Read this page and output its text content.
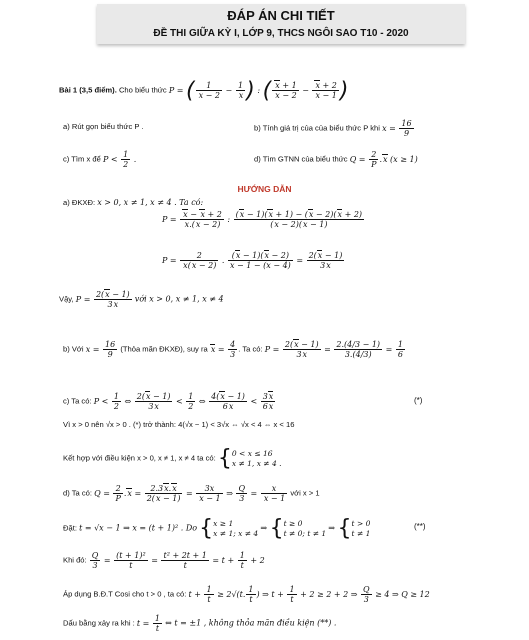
ĐÁP ÁN CHI TIẾT
ĐỀ THI GIỮA KỲ I, LỚP 9, THCS NGÔI SAO T10 - 2020
Bài 1 (3,5 điểm). Cho biểu thức P = ( $\frac{1}{x - 2} - \frac{1}{x}$ ) : ( $\frac{x + 1}{x - 2} - \frac{x + 2}{x - 1}$ )
a) Rút gọn biểu thức P .	b) Tính giá trị của của biểu thức P khi $x = \frac{16}{9}$
c) Tìm x để $P < \frac{1}{2}$ .	d) Tìm GTNN của biểu thức $Q = \frac{2}{P} .x$ (x ≥ 1)
HƯỚNG DẪN
a) ĐKXĐ: x > 0, x ≠ 1, x ≠ 4 . Ta có:
$P = \frac{x - x + 2}{x.(x - 2)}$ : $\frac{(x - 1)(x + 1) - (x - 2)(x + 2)}{(x - 2)(x - 1)}$
$P = \frac{2}{x(x - 2)}$ . $\frac{(x - 1)(x - 2)}{x - 1 - (x - 4)} = \frac{2(x - 1)}{3x}$
Vậy, $P = \frac{2(x - 1)}{3x}$ với x > 0, x ≠ 1, x ≠ 4
b) Với $x = \frac{16}{9}$ (Thỏa mãn ĐKXĐ), suy ra $x = \frac{4}{3}$ . Ta có: $P = \frac{2(x - 1)}{3x} = \frac{2.(4/3 - 1)}{3.(4/3)} = \frac{1}{6}$
c) Ta có: $P < \frac{1}{2}$ ⇔ $\frac{2(x - 1)}{3x} < \frac{1}{2}$ ⇔ $\frac{4(x - 1)}{6x} < \frac{3x}{6x}$	(*)
Vì x > 0 nên √x > 0 . (*) trở thành: 4(√x − 1) < 3√x ⇔ √x < 4 ⇔ x < 16
Kết hợp với điều kiện x > 0, x ≠ 1, x ≠ 4 ta có: {0 < x ≤ 16
x ≠ 1, x ≠ 4 .
d) Ta có: $Q = \frac{2}{P} .x = \frac{2.3x.x}{2(x - 1)} = \frac{3x}{x - 1}$ ⇒ $\frac{Q}{3} = \frac{x}{x - 1}$ với x > 1
Đặt: t = √x − 1 ⇒ x = (t + 1)² . Do {x ≥ 1
x ≠ 1; x ≠ 4 ⇒ {t ≥ 0
t ≠ 0; t ≠ 1 ⇒ {t > 0
t ≠ 1
(**)
Khi đó: $\frac{Q}{3} = \frac{\text{(t + 1)²}}{t} = \frac{\text{t² + 2t + 1}}{t} = t + \frac{1}{t} + 2$
Áp dụng B.Đ.T Cosi cho t > 0 , ta có: $t + \frac{1}{t} \ge 2√(t$. $\frac{1}{t}$ ) ⇒ $t + \frac{1}{t} + 2 \ge 2 + 2$ ⇒ $\frac{Q}{3} \ge 4$ ⇒ Q ≥ 12
Dấu bằng xảy ra khi : $t = \frac{1}{t}$ ⇔ t = ±1 , không thỏa mãn điều kiện (**) .
